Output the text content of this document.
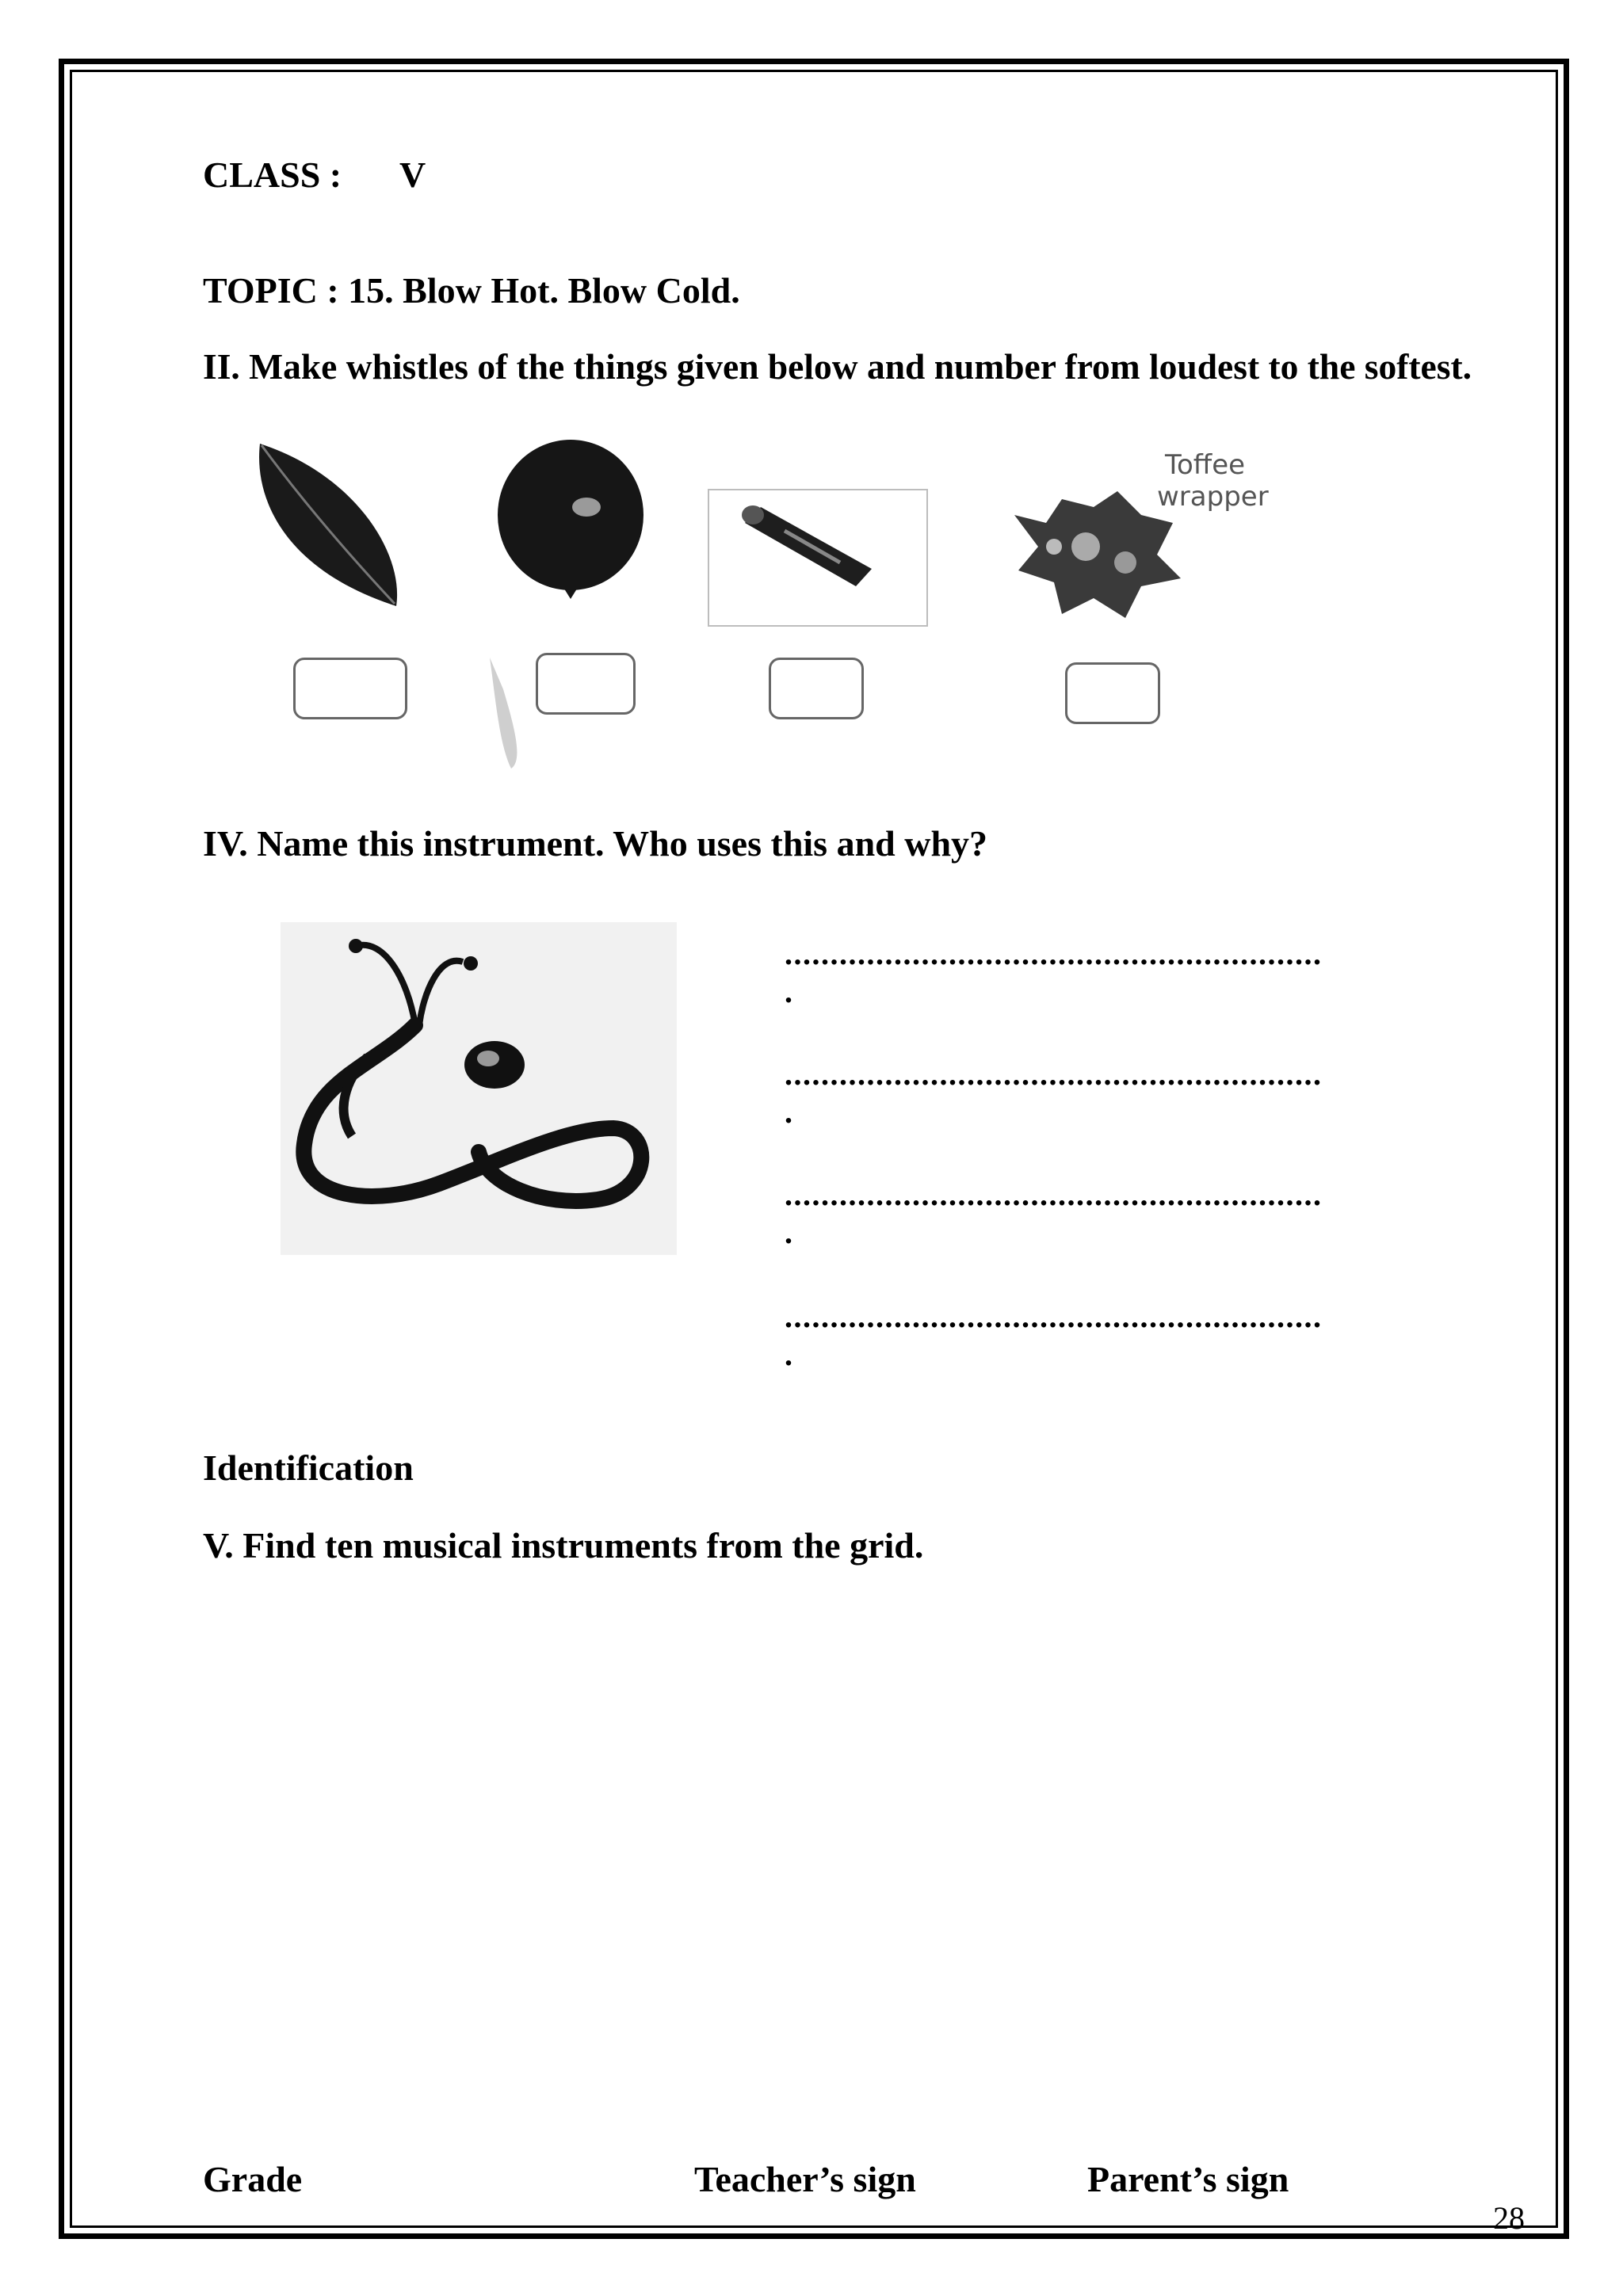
CLASS : V
TOPIC : 15. Blow Hot. Blow Cold.
II. Make whistles of the things given below and number from loudest to the softest.
Toffee
wrapper
IV. Name this instrument. Who uses this and why?
...........................................................
.
...........................................................
.
...........................................................
.
...........................................................
.
Identification
V. Find ten musical instruments from the grid.
Grade	Teacher’s sign	Parent’s sign
28
